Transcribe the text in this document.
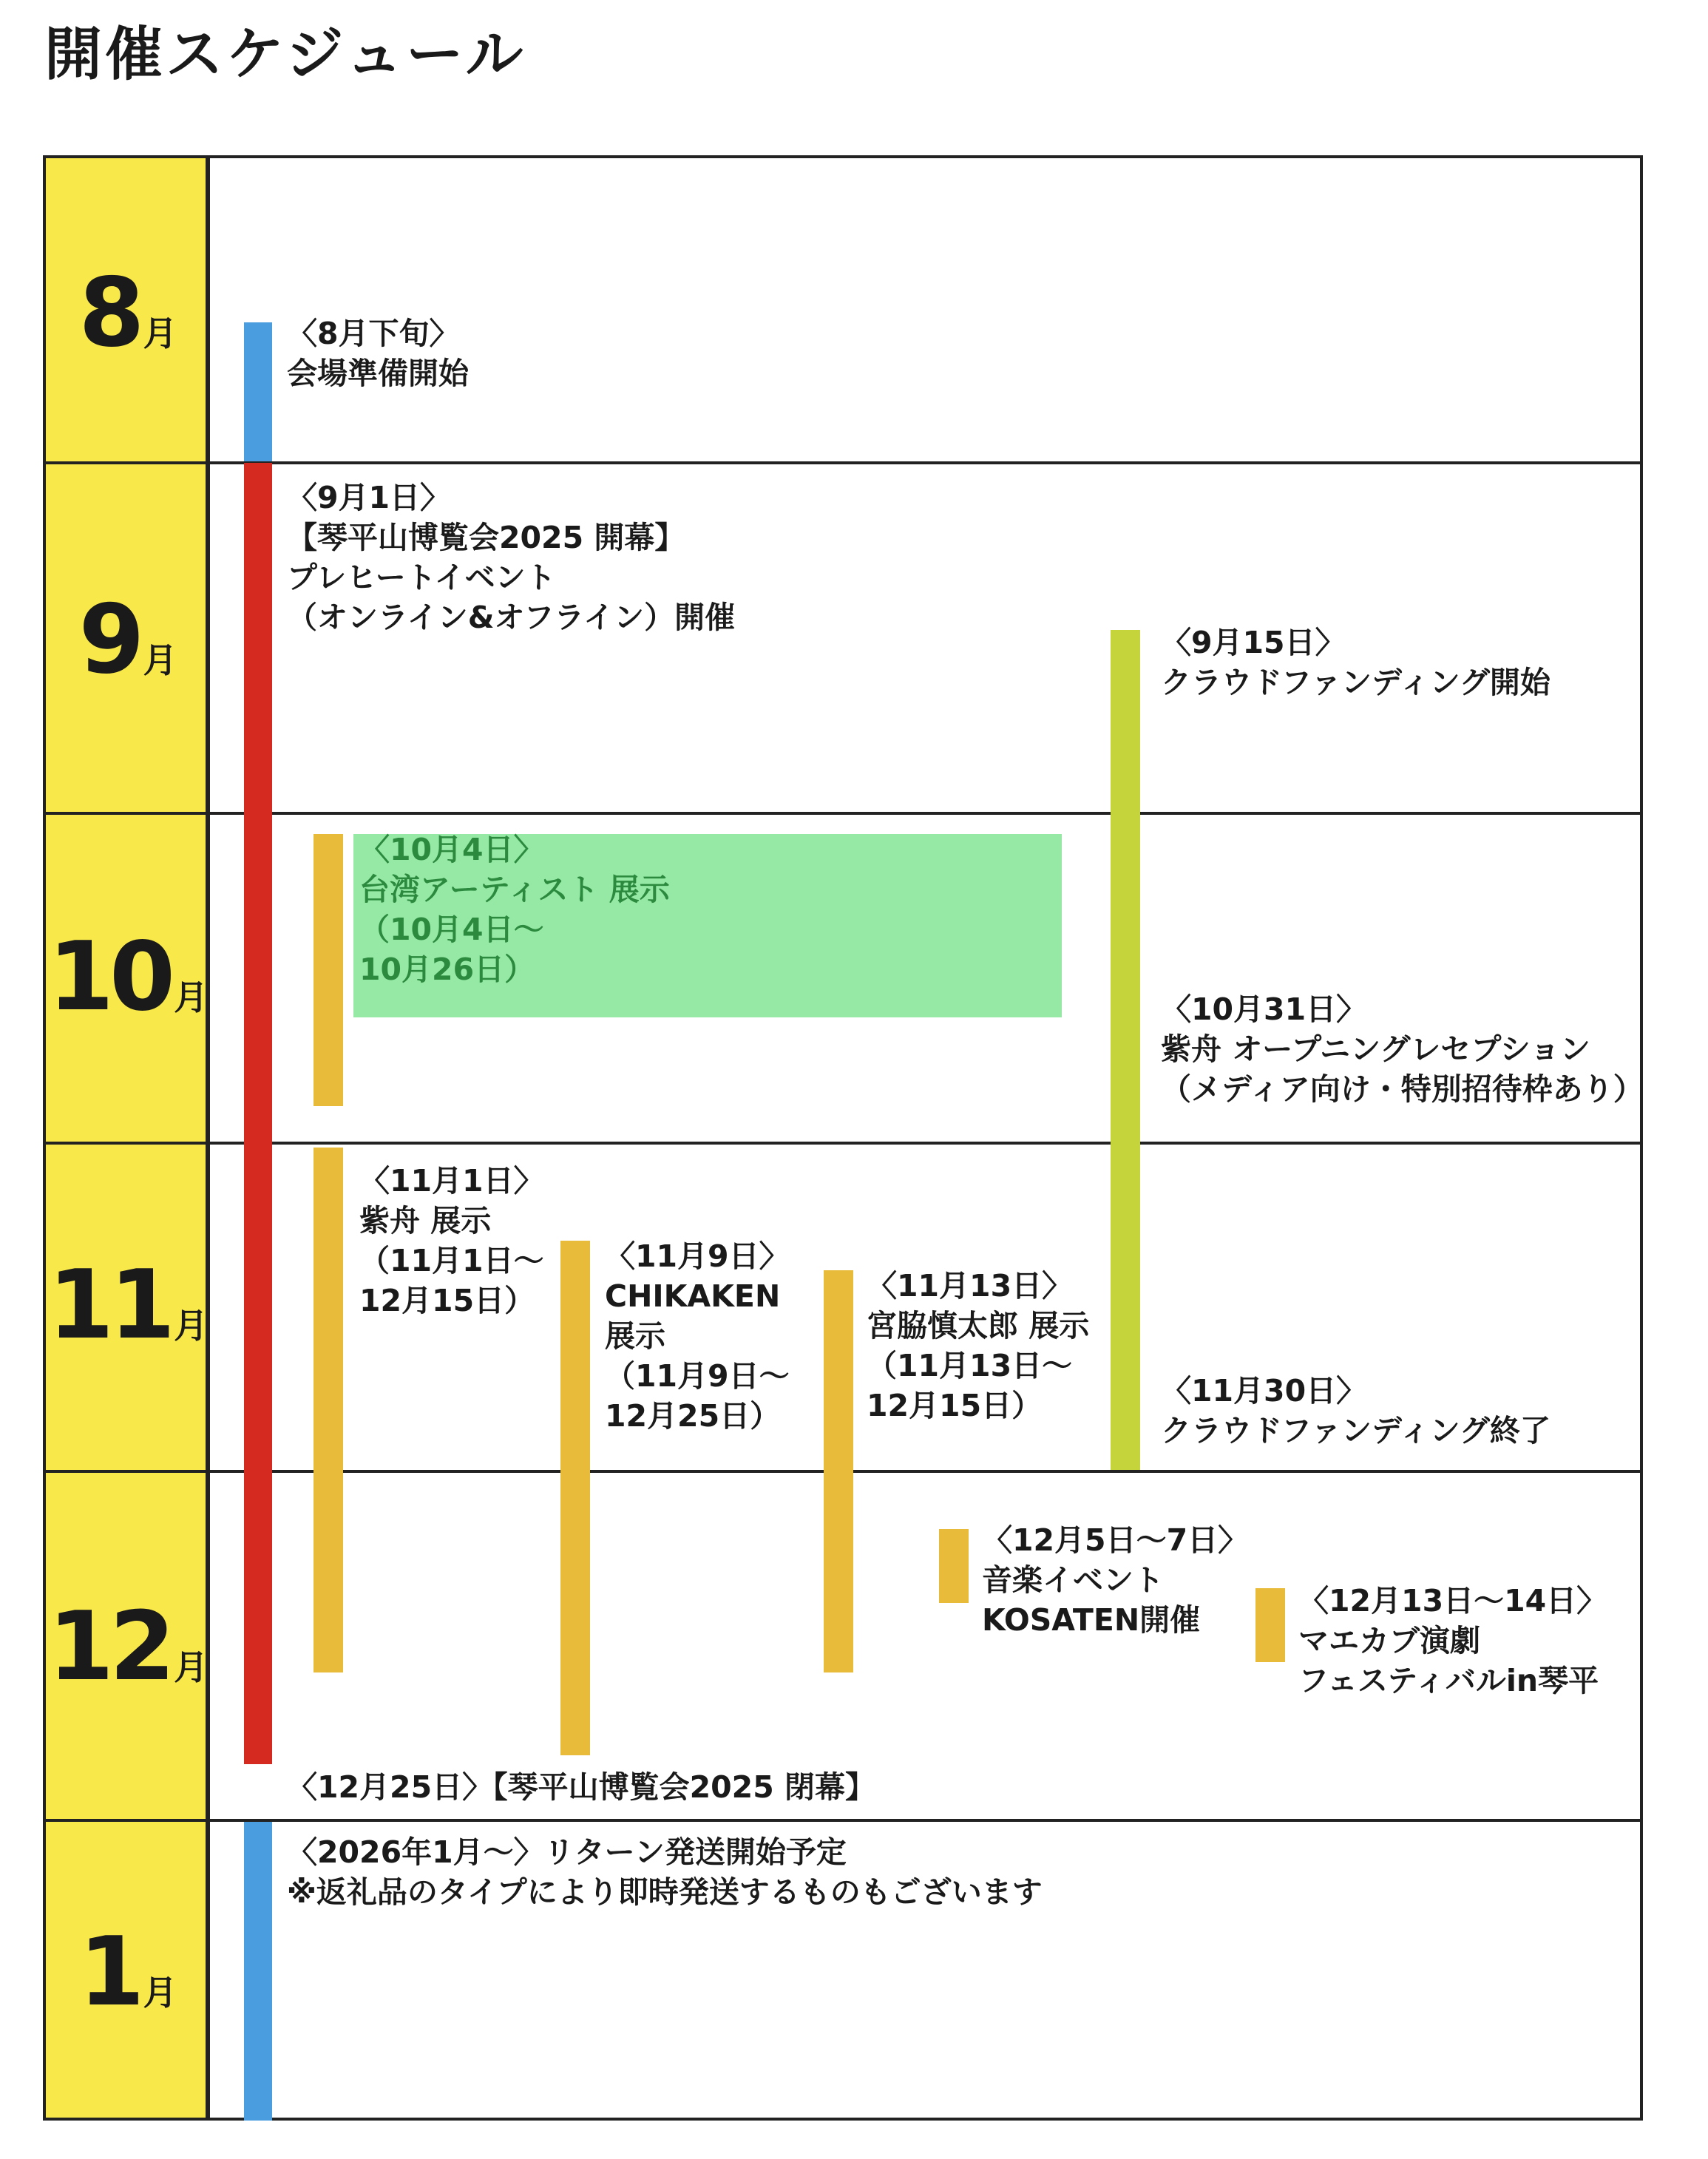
開催スケジュール
8月
9月
10月
11月
12月
1月
〈8月下旬〉
会場準備開始
〈9月1日〉
【琴平山博覧会2025 開幕】
プレヒートイベント
（オンライン&オフライン）開催
〈9月15日〉
クラウドファンディング開始
〈10月4日〉
台湾アーティスト 展示
（10月4日～
10月26日）
〈10月31日〉
紫舟 オープニングレセプション
（メディア向け・特別招待枠あり）
〈11月1日〉
紫舟 展示
（11月1日～
12月15日）
〈11月9日〉
CHIKAKEN
展示
（11月9日～
12月25日）
〈11月13日〉
宮脇慎太郎 展示
（11月13日～
12月15日）	〈11月30日〉
クラウドファンディング終了
〈12月5日～7日〉
音楽イベント
KOSATEN開催
〈12月13日～14日〉
マエカブ演劇
フェスティバルin琴平
〈12月25日〉【琴平山博覧会2025 閉幕】
〈2026年1月～〉リターン発送開始予定
※返礼品のタイプにより即時発送するものもございます
